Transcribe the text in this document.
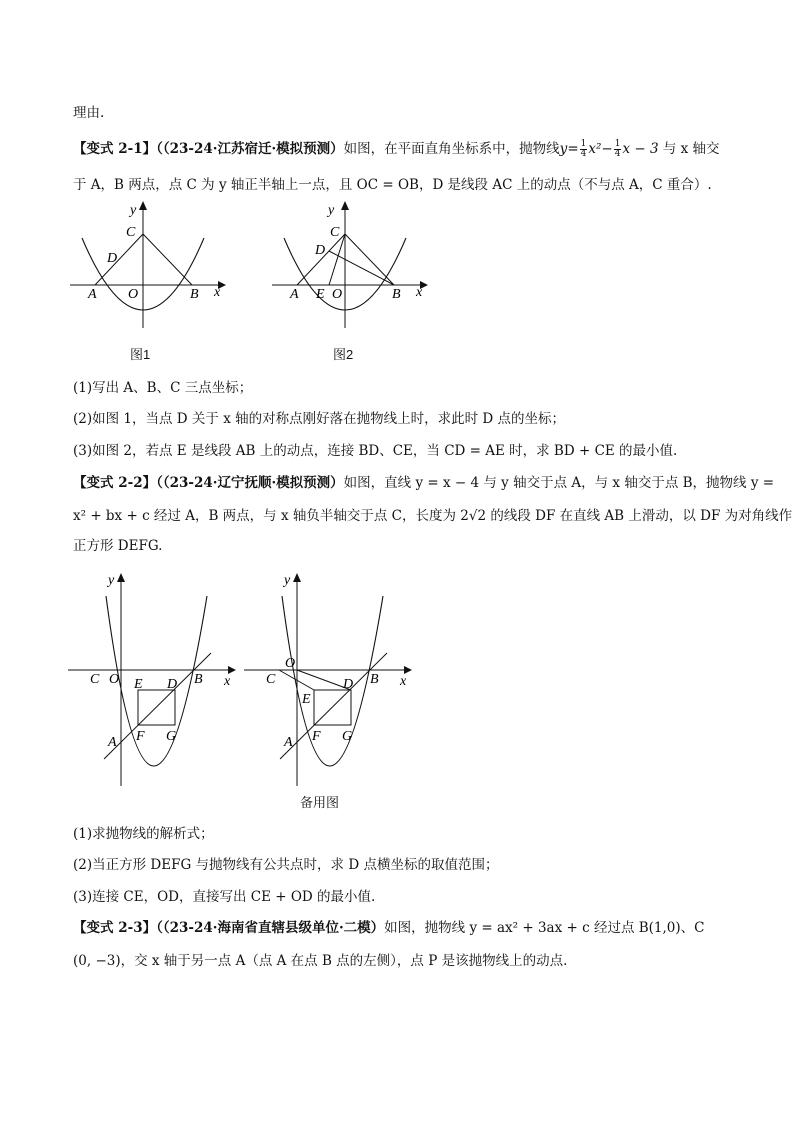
理由.
【变式 2-1】（（23-24·江苏宿迁·模拟预测）如图，在平面直角坐标系中，抛物线$y= \frac{1}{4} x^2- \frac{1}{4}$ x − 3 与 x 轴交
于 A，B 两点，点 C 为 y 轴正半轴上一点，且 OC = OB，D 是线段 AC 上的动点（不与点 A，C 重合）.
y
x
C
D
A O	B
图1
y
x
C
D
A E O	B
图2
(1)写出 A、B、C 三点坐标；
(2)如图 1，当点 D 关于 x 轴的对称点刚好落在抛物线上时，求此时 D 点的坐标；
(3)如图 2，若点 E 是线段 AB 上的动点，连接 BD、CE，当 CD = AE 时，求 BD + CE 的最小值.
【变式 2-2】（（23-24·辽宁抚顺·模拟预测）如图，直线 y = x − 4 与 y 轴交于点 A，与 x 轴交于点 B，抛物线 y =
x² + bx + c 经过 A，B 两点，与 x 轴负半轴交于点 C，长度为 2√2 的线段 DF 在直线 AB 上滑动，以 DF 为对角线作
正方形 DEFG.
y
x
C O	B
E D
A F G
y
x
O
C	B
D
E
A F G
备用图
(1)求抛物线的解析式；
(2)当正方形 DEFG 与抛物线有公共点时，求 D 点横坐标的取值范围；
(3)连接 CE，OD，直接写出 CE + OD 的最小值.
【变式 2-3】（（23-24·海南省直辖县级单位·二模）如图，抛物线 y = ax² + 3ax + c 经过点 B(1,0)、C
(0, −3)，交 x 轴于另一点 A（点 A 在点 B 点的左侧），点 P 是该抛物线上的动点.
